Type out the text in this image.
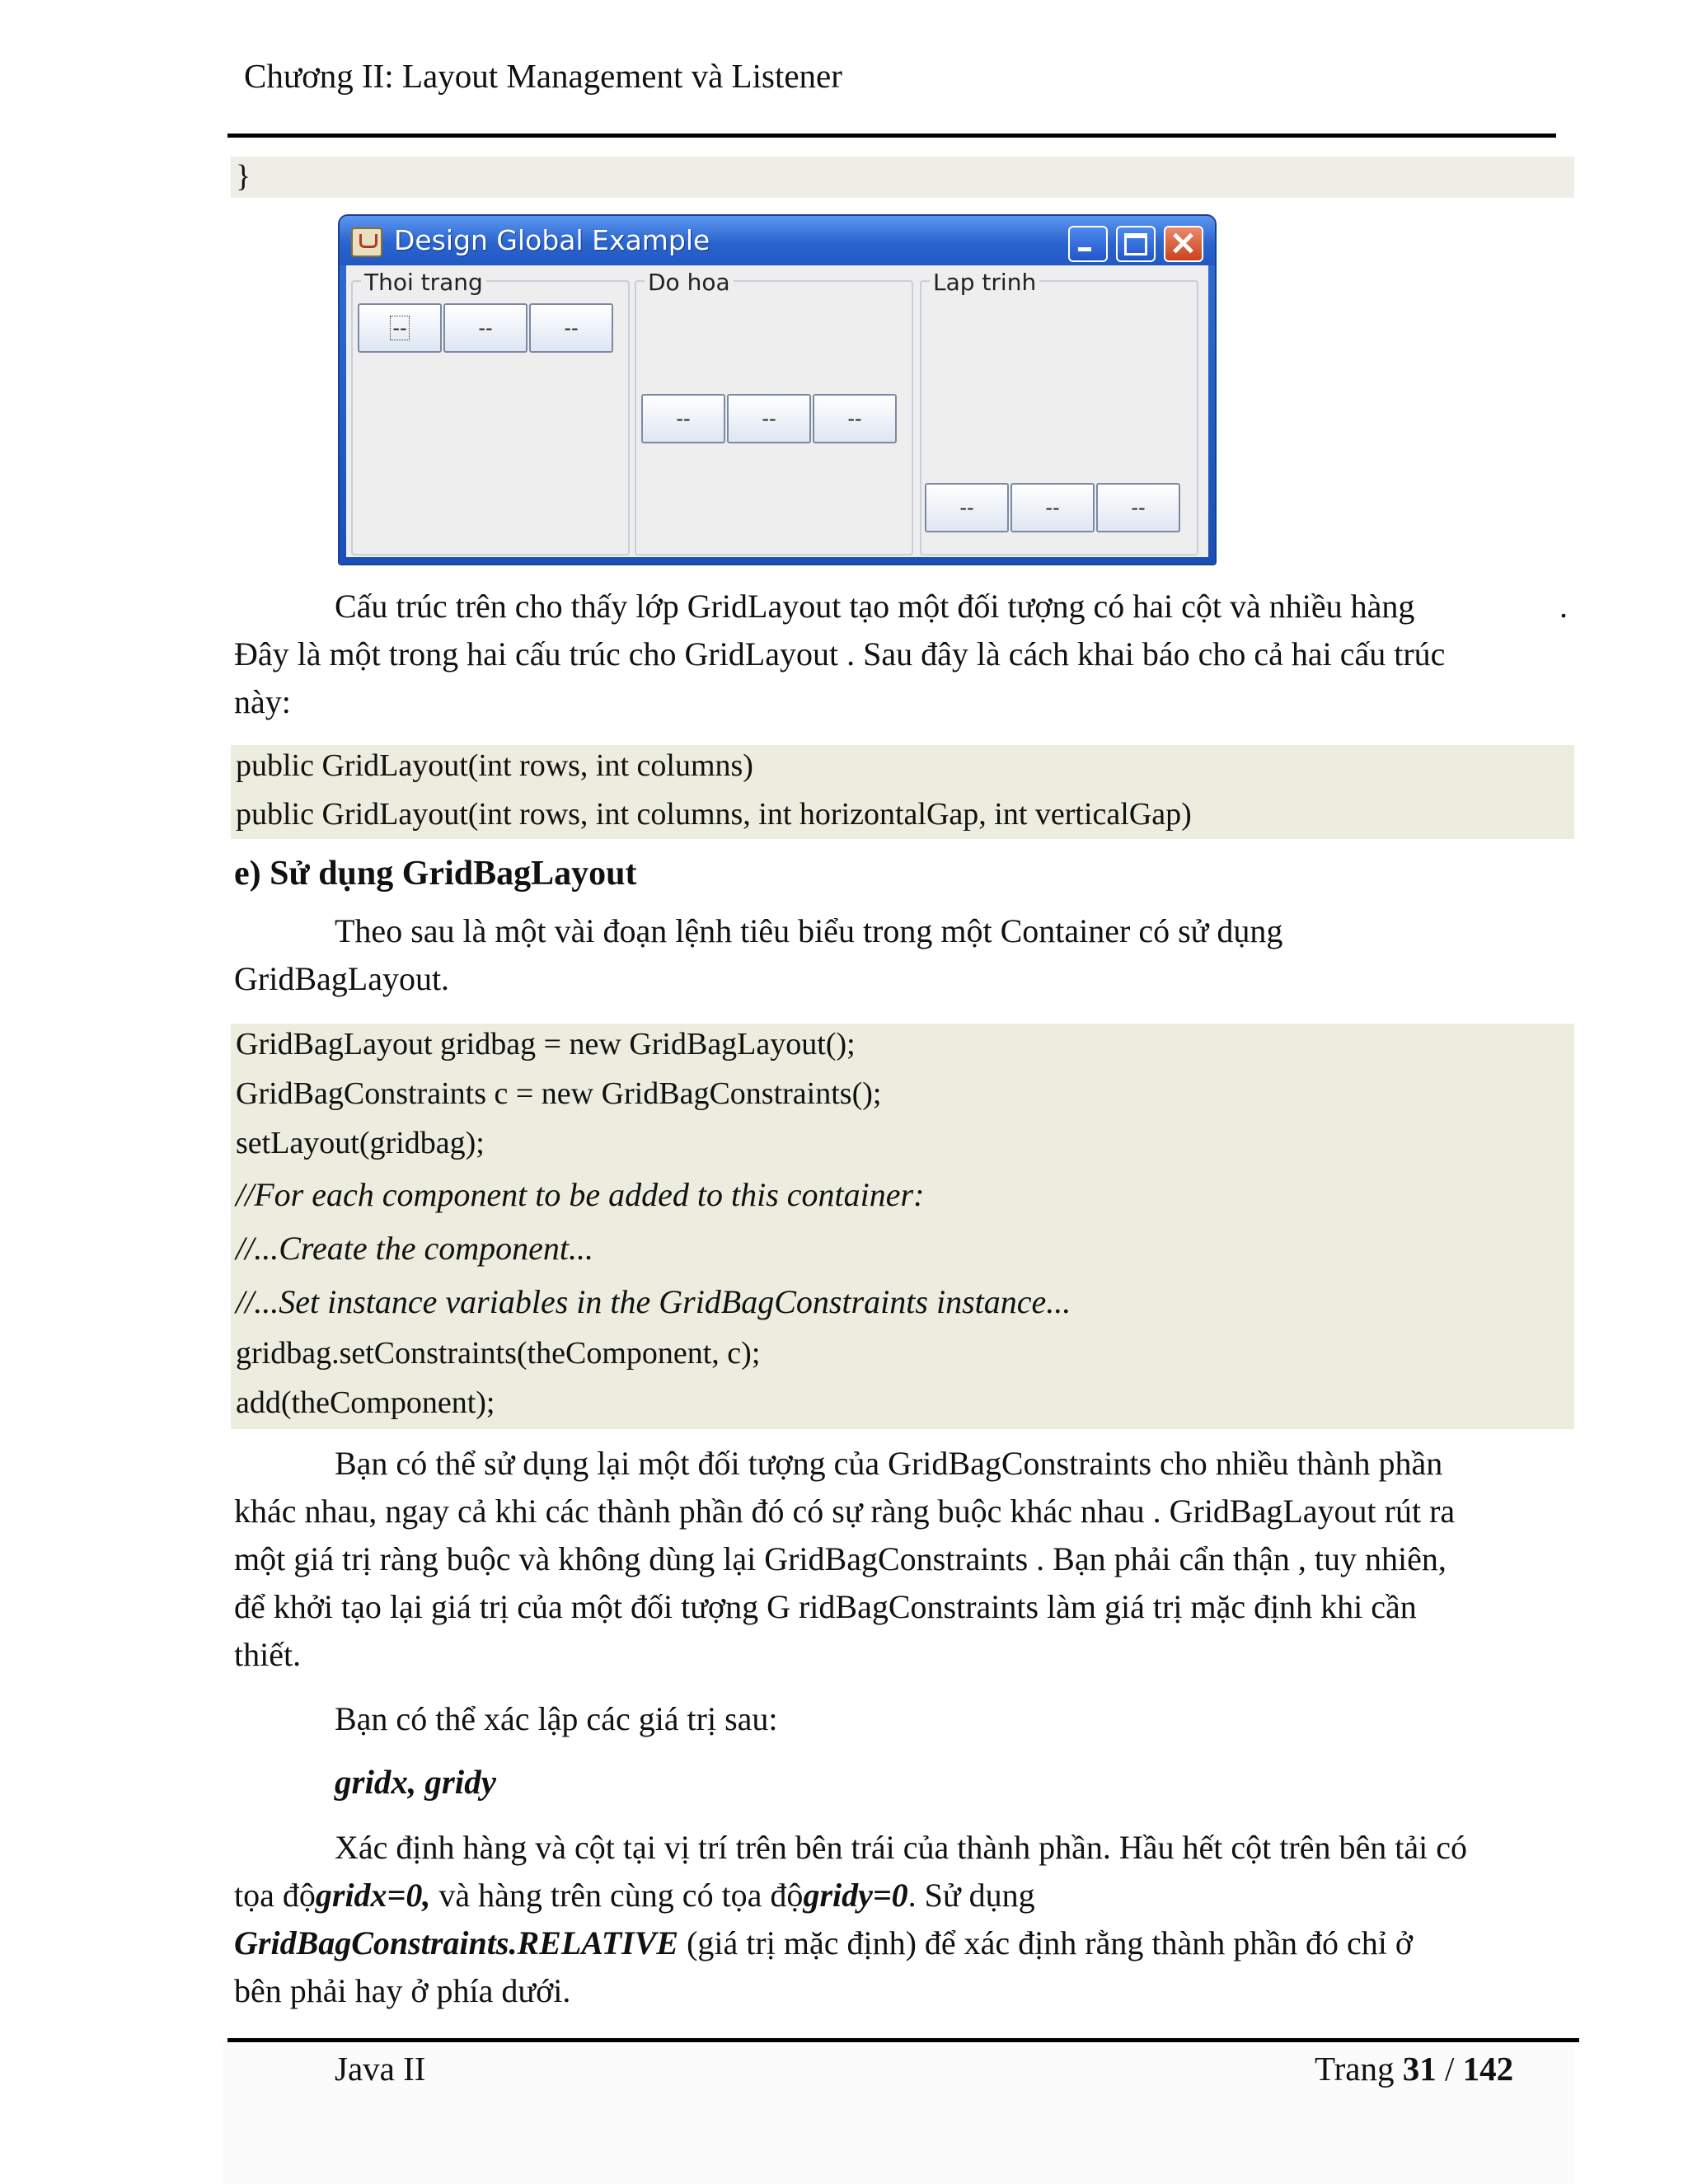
Chương II: Layout Management và Listener
}
Design Global Example
Thoi trang
--	--	--
Do hoa
--	--	--
Lap trinh
--	--	--
Cấu trúc trên cho thấy lớp GridLayout tạo một đối tượng có hai cột và nhiều hàng	.
Đây là một trong hai cấu trúc cho GridLayout . Sau đây là cách khai báo cho cả hai cấu trúc
này:
public GridLayout(int rows, int columns)
public GridLayout(int rows, int columns, int horizontalGap, int verticalGap)
e) Sử dụng GridBagLayout
Theo sau là một vài đoạn lệnh tiêu biểu trong một Container có sử dụng
GridBagLayout.
GridBagLayout gridbag = new GridBagLayout();
GridBagConstraints c = new GridBagConstraints();
setLayout(gridbag);
//For each component to be added to this container:
//...Create the component...
//...Set instance variables in the GridBagConstraints instance...
gridbag.setConstraints(theComponent, c);
add(theComponent);
Bạn có thể sử dụng lại một đối tượng của GridBagConstraints cho nhiều thành phần
khác nhau, ngay cả khi các thành phần đó có sự ràng buộc khác nhau . GridBagLayout rút ra
một giá trị ràng buộc và không dùng lại GridBagConstraints . Bạn phải cẩn thận , tuy nhiên,
để khởi tạo lại giá trị của một đối tượng G ridBagConstraints làm giá trị mặc định khi cần
thiết.
Bạn có thể xác lập các giá trị sau:
gridx, gridy
Xác định hàng và cột tại vị trí trên bên trái của thành phần. Hầu hết cột trên bên tải có
tọa độgridx=0, và hàng trên cùng có tọa độgridy=0. Sử dụng
GridBagConstraints.RELATIVE (giá trị mặc định) để xác định rằng thành phần đó chỉ ở
bên phải hay ở phía dưới.
Java II	Trang 31 / 142
